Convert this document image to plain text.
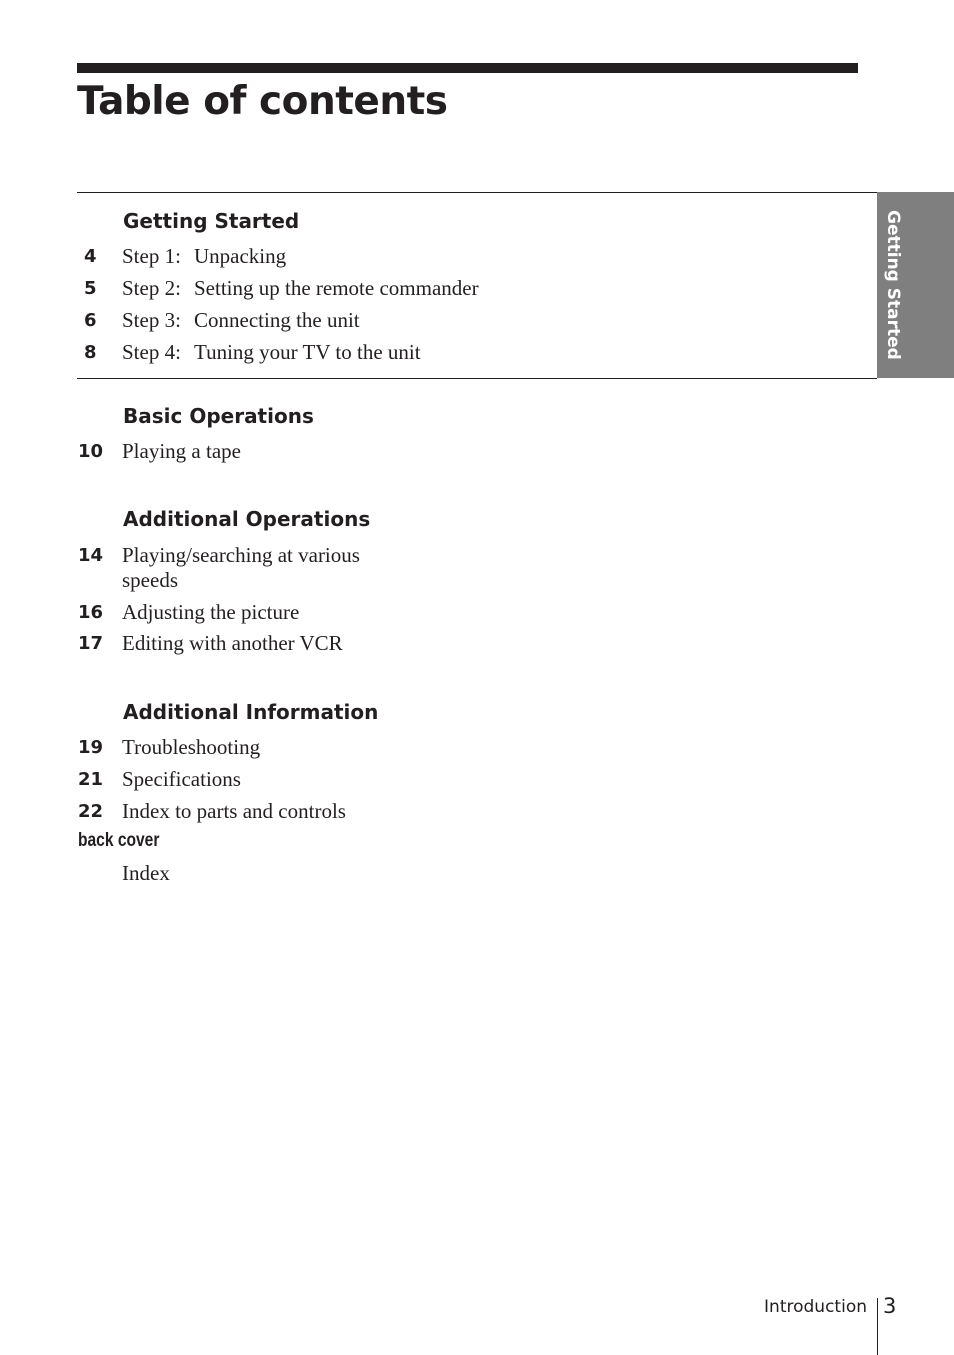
Table of contents
Getting Started
Getting Started
4	Step 1: Unpacking
5	Step 2: Setting up the remote commander
6	Step 3: Connecting the unit
8	Step 4: Tuning your TV to the unit
Basic Operations
10 Playing a tape
Additional Operations
14 Playing/searching at various
speeds
16 Adjusting the picture
17 Editing with another VCR
Additional Information
19 Troubleshooting
21 Specifications
22 Index to parts and controls
back cover
Index
Introduction 3
